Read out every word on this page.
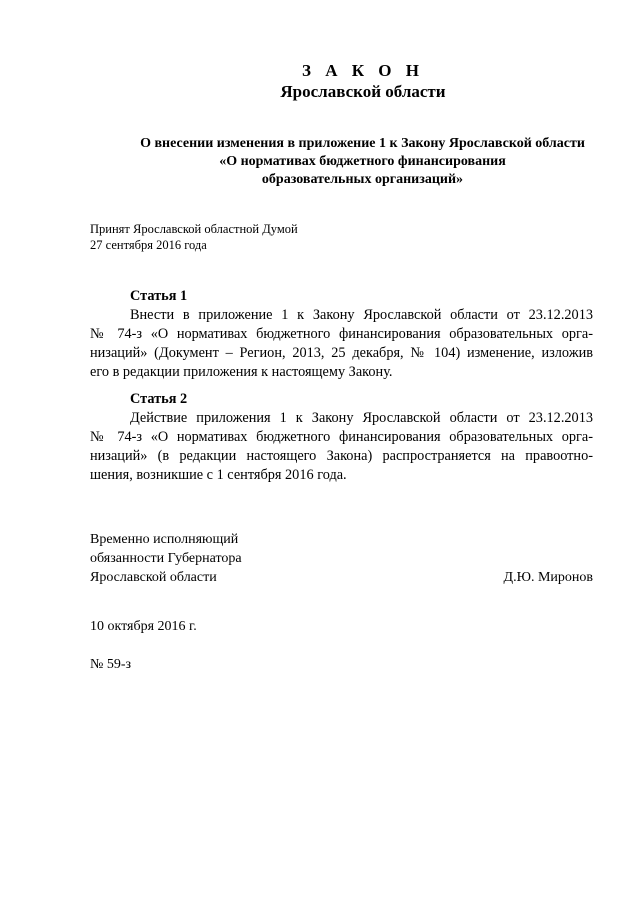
З А К О Н
Ярославской области
О внесении изменения в приложение 1 к Закону Ярославской области
«О нормативах бюджетного финансирования
образовательных организаций»
Принят Ярославской областной Думой
27 сентября 2016 года
Статья 1
Внести в приложение 1 к Закону Ярославской области от 23.12.2013
№ 74-з «О нормативах бюджетного финансирования образовательных орга-
низаций» (Документ – Регион, 2013, 25 декабря, № 104) изменение, изложив
его в редакции приложения к настоящему Закону.
Статья 2
Действие приложения 1 к Закону Ярославской области от 23.12.2013
№ 74-з «О нормативах бюджетного финансирования образовательных орга-
низаций» (в редакции настоящего Закона) распространяется на правоотно-
шения, возникшие с 1 сентября 2016 года.
Временно исполняющий
обязанности Губернатора
Ярославской области	Д.Ю. Миронов
10 октября 2016 г.
№ 59-з
